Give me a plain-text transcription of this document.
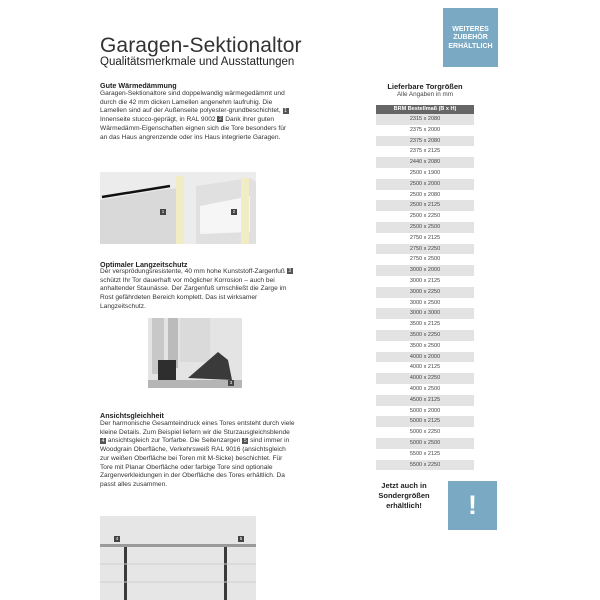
Garagen-Sektionaltor
Qualitätsmerkmale und Ausstattungen
WEITERES ZUBEHÖR ERHÄLTLICH
Gute Wärmedämmung
Garagen-Sektionaltore sind doppelwandig wärmegedämmt und durch die 42 mm dicken Lamellen angenehm laufruhig. Die Lamellen sind auf der Außenseite polyester-grundbeschichtet, 1 Innenseite stucco-geprägt, in RAL 9002 2 Dank ihrer guten Wärmedämm-Eigenschaften eignen sich die Tore besonders für an das Haus angrenzende oder ins Haus integrierte Garagen.
1	2
Optimaler Langzeitschutz
Der versprödungsresistente, 40 mm hohe Kunststoff-Zargenfuß 3 schützt Ihr Tor dauerhaft vor möglicher Korrosion – auch bei anhaltender Staunässe. Der Zargenfuß umschließt die Zarge im Rost gefährdeten Bereich komplett. Das ist wirksamer Langzeitschutz.
3
Ansichtsgleichheit
Der harmonische Gesamteindruck eines Tores entsteht durch viele kleine Details. Zum Beispiel liefern wir die Sturzausgleichsblende 4 ansichtsgleich zur Torfarbe. Die Seitenzargen 5 sind immer in Woodgrain Oberfläche, Verkehrsweiß RAL 9016 (ansichtsgleich zur weißen Oberfläche bei Toren mit M-Sicke) beschichtet. Für Tore mit Planar Oberfläche oder farbige Tore sind optionale Zargenverkleidungen in der Oberfläche des Tores erhältlich. Da passt alles zusammen.
4	5
Lieferbare Torgrößen
Alle Angaben in mm
BRM Bestellmaß (B x H)
2315 x 2080
2375 x 2000
2375 x 2080
2375 x 2125
2440 x 2080
2500 x 1900
2500 x 2000
2500 x 2080
2500 x 2125
2500 x 2250
2500 x 2500
2750 x 2125
2750 x 2250
2750 x 2500
3000 x 2000
3000 x 2125
3000 x 2250
3000 x 2500
3000 x 3000
3500 x 2125
3500 x 2250
3500 x 2500
4000 x 2000
4000 x 2125
4000 x 2250
4000 x 2500
4500 x 2125
5000 x 2000
5000 x 2125
5000 x 2250
5000 x 2500
5500 x 2125
5500 x 2250
Jetzt auch in Sondergrößen erhältlich!	!
